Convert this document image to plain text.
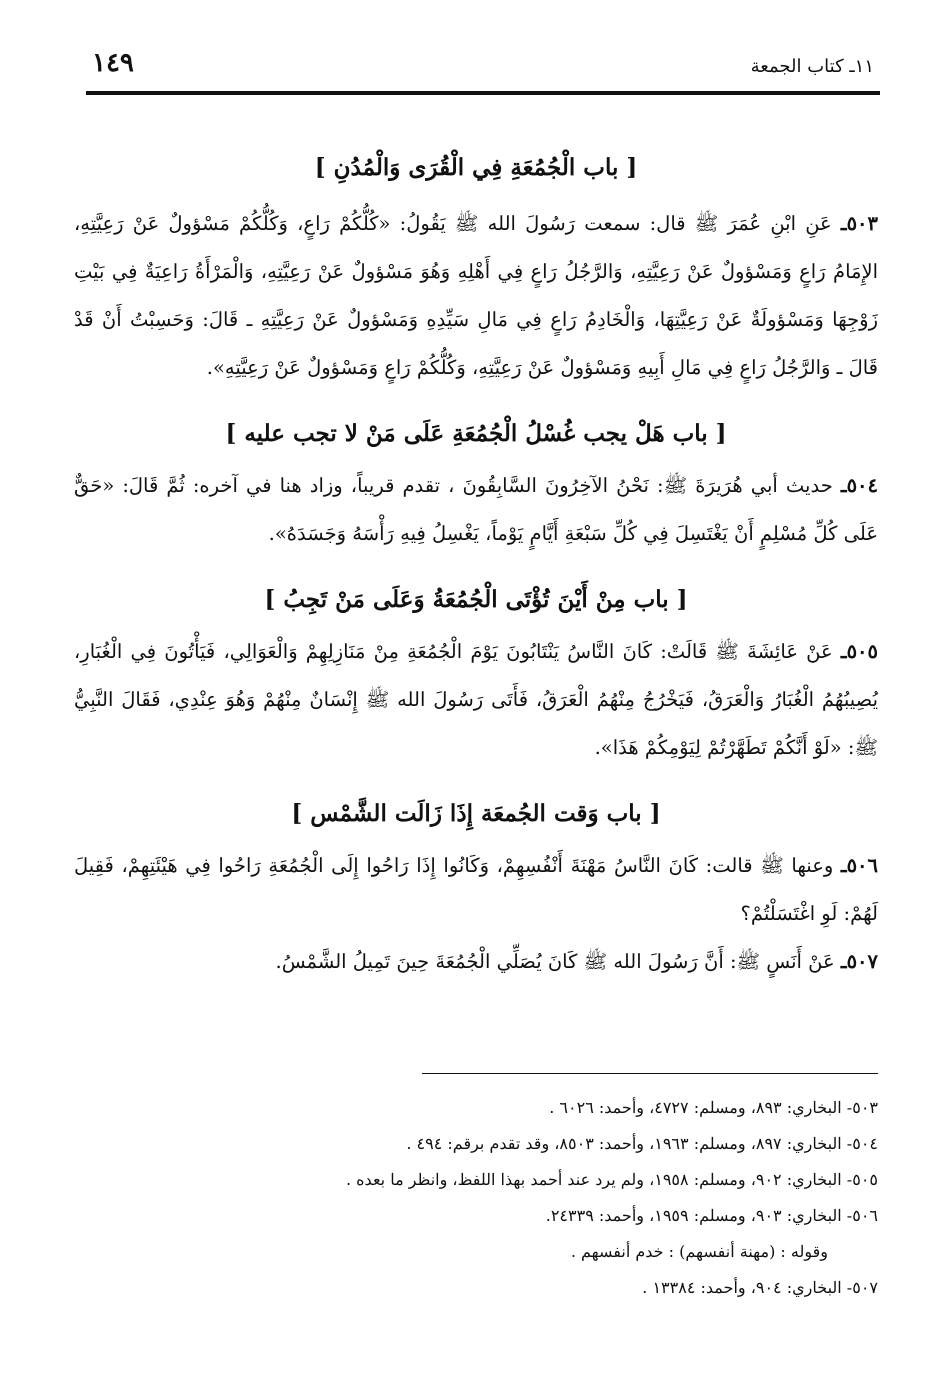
١٤٩	١١ـ كتاب الجمعة
[ باب الْجُمُعَةِ فِي الْقُرَى وَالْمُدُنِ ]

٥٠٣ـ عَنِ ابْنِ عُمَرَ ﷺ قال: سمعت رَسُولَ الله ﷺ يَقُولُ: «كُلُّكُمْ رَاعٍ، وَكُلُّكُمْ مَسْؤولٌ عَنْ رَعِيَّتِهِ، الإِمَامُ رَاعٍ وَمَسْؤولٌ عَنْ رَعِيَّتِهِ، وَالرَّجُلُ رَاعٍ فِي أَهْلِهِ وَهُوَ مَسْؤولٌ عَنْ رَعِيَّتِهِ، وَالْمَرْأَةُ رَاعِيَةٌ فِي بَيْتِ زَوْجِهَا وَمَسْؤولَةٌ عَنْ رَعِيَّتِهَا، وَالْخَادِمُ رَاعٍ فِي مَالِ سَيِّدِهِ وَمَسْؤولٌ عَنْ رَعِيَّتِهِ ـ قَالَ: وَحَسِبْتُ أَنْ قَدْ قَالَ ـ وَالرَّجُلُ رَاعٍ فِي مَالِ أَبِيهِ وَمَسْؤولٌ عَنْ رَعِيَّتِهِ، وَكُلُّكُمْ رَاعٍ وَمَسْؤولٌ عَنْ رَعِيَّتِهِ».

[ باب هَلْ يجب غُسْلُ الْجُمُعَةِ عَلَى مَنْ لا تجب عليه ]

٥٠٤ـ حديث أبي هُرَيرَةَ ﷺ: نَحْنُ الآخِرُونَ السَّابِقُونَ ، تقدم قريباً، وزاد هنا في آخره: ثُمَّ قَالَ: «حَقٌّ عَلَى كُلِّ مُسْلِمٍ أَنْ يَغْتَسِلَ فِي كُلِّ سَبْعَةِ أَيَّامٍ يَوْماً، يَغْسِلُ فِيهِ رَأْسَهُ وَجَسَدَهُ».

[ باب مِنْ أَيْنَ تُؤْتَى الْجُمُعَةُ وَعَلَى مَنْ تَجِبُ ]

٥٠٥ـ عَنْ عَائِشَةَ ﷺ قَالَتْ: كَانَ النَّاسُ يَنْتَابُونَ يَوْمَ الْجُمُعَةِ مِنْ مَنَازِلِهِمْ وَالْعَوَالِي، فَيَأْتُونَ فِي الْغُبَارِ، يُصِيبُهُمُ الْغُبَارُ وَالْعَرَقُ، فَيَخْرُجُ مِنْهُمُ الْعَرَقُ، فَأَتَى رَسُولَ الله ﷺ إِنْسَانٌ مِنْهُمْ وَهُوَ عِنْدِي، فَقَالَ النَّبِيُّ ﷺ: «لَوْ أَنَّكُمْ تَطَهَّرْتُمْ لِيَوْمِكُمْ هَذَا».

[ باب وَقت الجُمعَة إِذَا زَالَت الشَّمْس ]

٥٠٦ـ وعنها ﷺ قالت: كَانَ النَّاسُ مَهْنَةَ أَنْفُسِهِمْ، وَكَانُوا إِذَا رَاحُوا إِلَى الْجُمُعَةِ رَاحُوا فِي هَيْئَتِهِمْ، فَقِيلَ لَهُمْ: لَوِ اغْتَسَلْتُمْ؟

٥٠٧ـ عَنْ أَنَسٍ ﷺ: أَنَّ رَسُولَ الله ﷺ كَانَ يُصَلِّي الْجُمُعَةَ حِينَ تَمِيلُ الشَّمْسُ.

٥٠٣- البخاري: ٨٩٣، ومسلم: ٤٧٢٧، وأحمد: ٦٠٢٦ .
٥٠٤- البخاري: ٨٩٧، ومسلم: ١٩٦٣، وأحمد: ٨٥٠٣، وقد تقدم برقم: ٤٩٤ .
٥٠٥- البخاري: ٩٠٢، ومسلم: ١٩٥٨، ولم يرد عند أحمد بهذا اللفظ، وانظر ما بعده .
٥٠٦- البخاري: ٩٠٣، ومسلم: ١٩٥٩، وأحمد: ٢٤٣٣٩.
وقوله : (مهنة أنفسهم) : خدم أنفسهم .
٥٠٧- البخاري: ٩٠٤، وأحمد: ١٣٣٨٤ .
